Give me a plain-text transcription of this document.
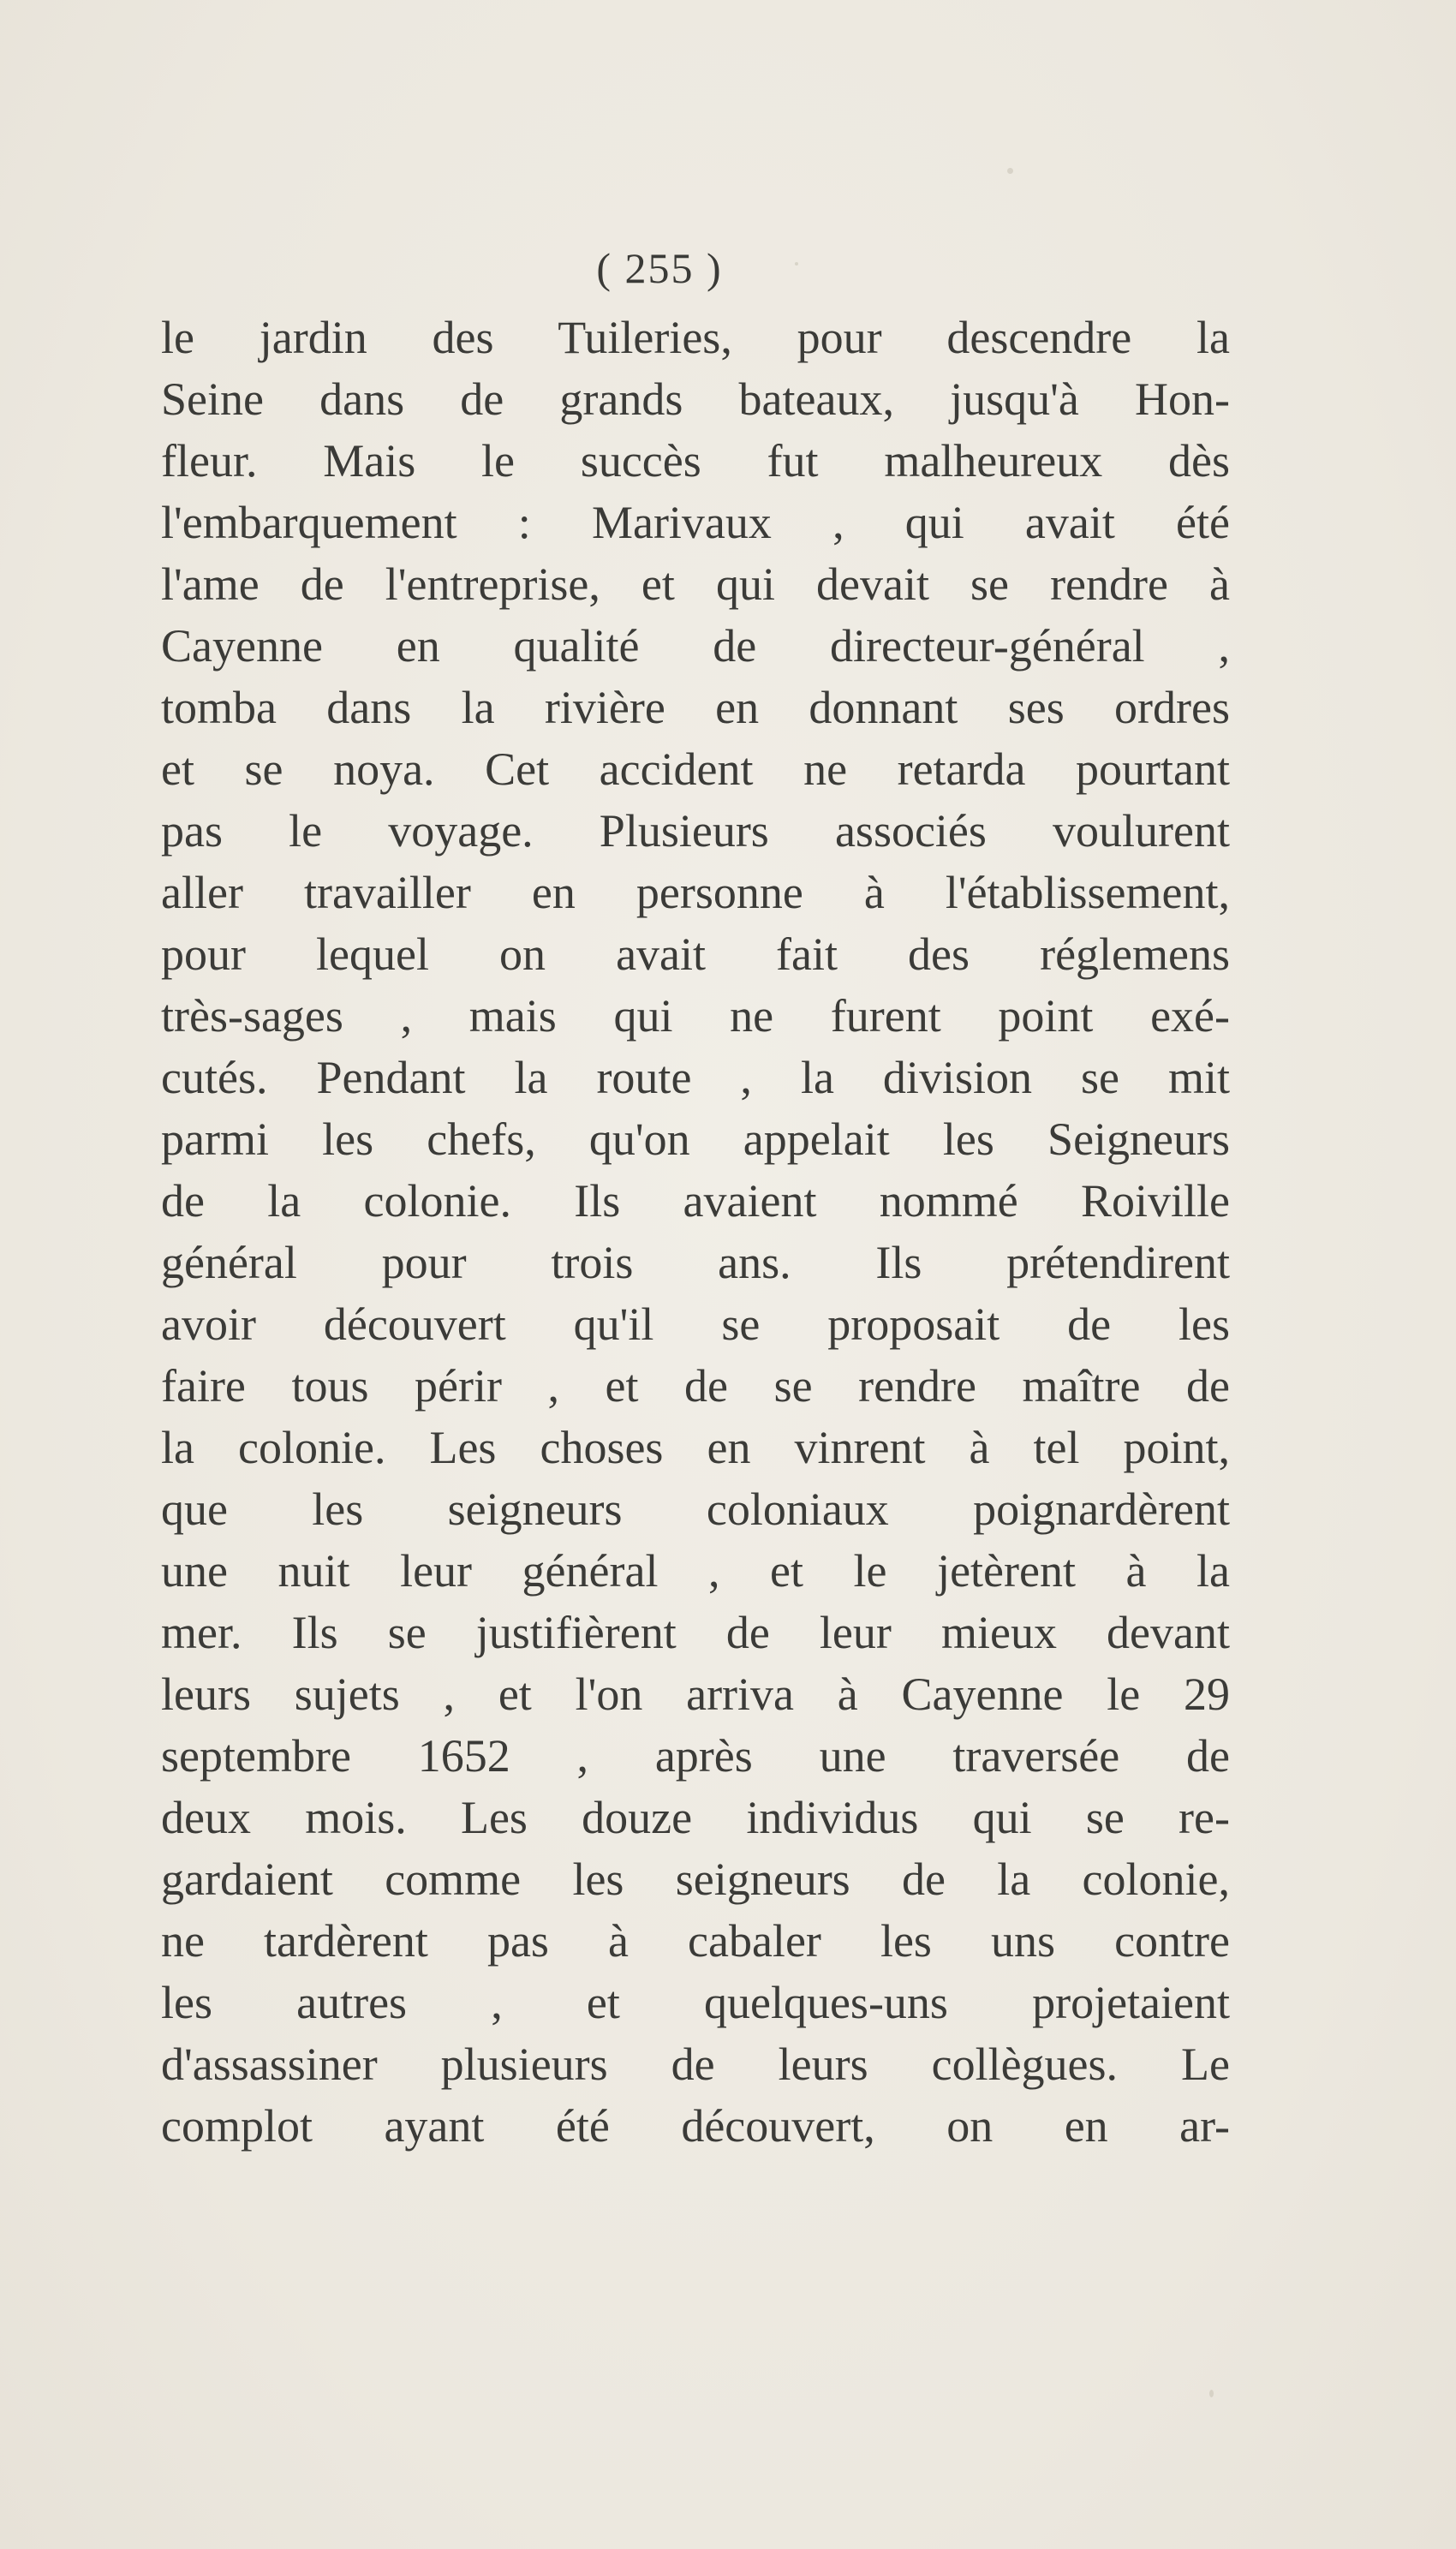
( 255 )
le jardin des Tuileries, pour descendre la
Seine dans de grands bateaux, jusqu'à Hon-
fleur. Mais le succès fut malheureux dès
l'embarquement : Marivaux , qui avait été
l'ame de l'entreprise, et qui devait se rendre à
Cayenne en qualité de directeur-général ,
tomba dans la rivière en donnant ses ordres
et se noya. Cet accident ne retarda pourtant
pas le voyage. Plusieurs associés voulurent
aller travailler en personne à l'établissement,
pour lequel on avait fait des réglemens
très-sages , mais qui ne furent point exé-
cutés. Pendant la route , la division se mit
parmi les chefs, qu'on appelait les Seigneurs
de la colonie. Ils avaient nommé Roiville
général pour trois ans. Ils prétendirent
avoir découvert qu'il se proposait de les
faire tous périr , et de se rendre maître de
la colonie. Les choses en vinrent à tel point,
que les seigneurs coloniaux poignardèrent
une nuit leur général , et le jetèrent à la
mer. Ils se justifièrent de leur mieux devant
leurs sujets , et l'on arriva à Cayenne le 29
septembre 1652 , après une traversée de
deux mois. Les douze individus qui se re-
gardaient comme les seigneurs de la colonie,
ne tardèrent pas à cabaler les uns contre
les autres , et quelques-uns projetaient
d'assassiner plusieurs de leurs collègues. Le
complot ayant été découvert, on en ar-
